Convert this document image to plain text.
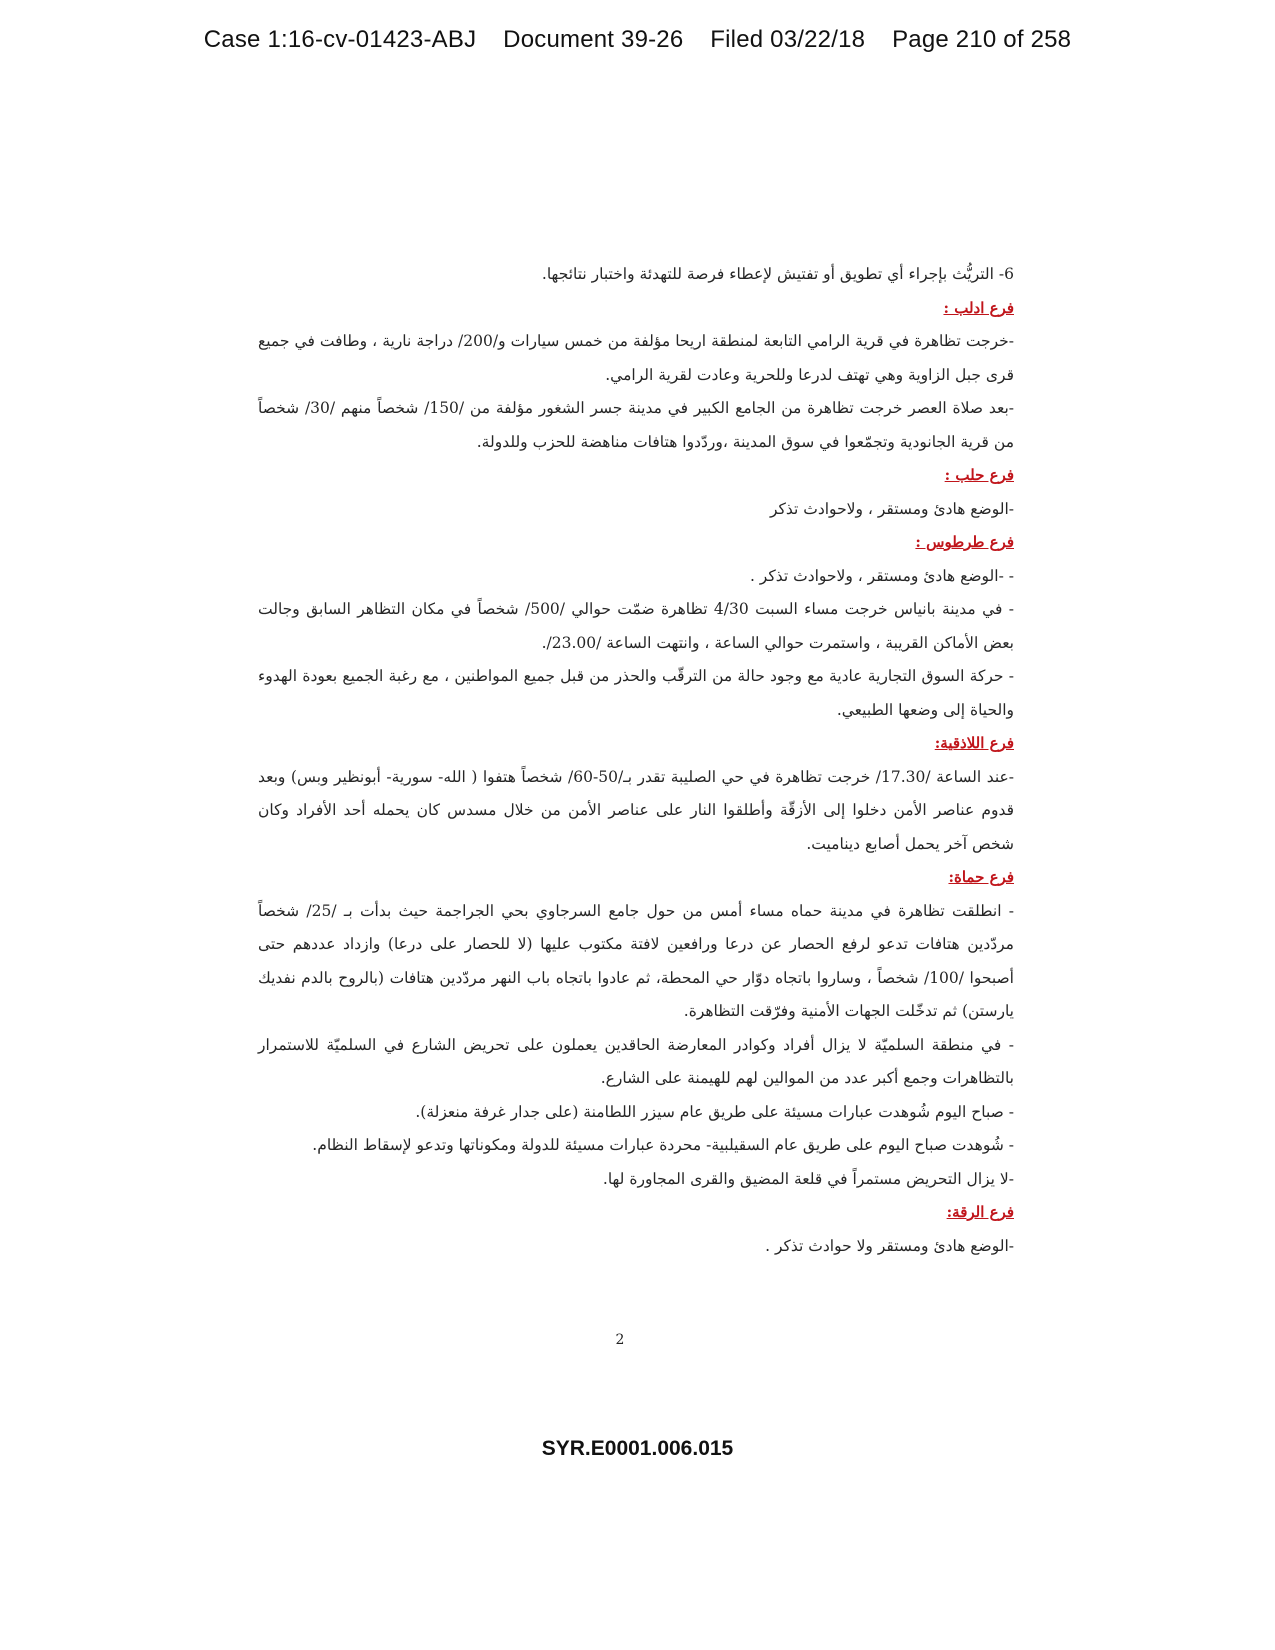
Case 1:16-cv-01423-ABJ Document 39-26 Filed 03/22/18 Page 210 of 258

6- التريُّث بإجراء أي تطويق أو تفتيش لإعطاء فرصة للتهدئة واختبار نتائجها.

فرع ادلب :

-خرجت تظاهرة في قرية الرامي التابعة لمنطقة اريحا مؤلفة من خمس سيارات و/200/ دراجة نارية ، وطافت في جميع قرى جبل الزاوية وهي تهتف لدرعا وللحرية وعادت لقرية الرامي.

-بعد صلاة العصر خرجت تظاهرة من الجامع الكبير في مدينة جسر الشغور مؤلفة من /150/ شخصاً منهم /30/ شخصاً من قرية الجانودية وتجمّعوا في سوق المدينة ،وردّدوا هتافات مناهضة للحزب وللدولة.

فرع حلب :

-الوضع هادئ ومستقر ، ولاحوادث تذكر

فرع طرطوس :

- -الوضع هادئ ومستقر ، ولاحوادث تذكر .

- في مدينة بانياس خرجت مساء السبت 4/30 تظاهرة ضمّت حوالي /500/ شخصاً في مكان التظاهر السابق وجالت بعض الأماكن القريبة ، واستمرت حوالي الساعة ، وانتهت الساعة /23.00/.

- حركة السوق التجارية عادية مع وجود حالة من الترقّب والحذر من قبل جميع المواطنين ، مع رغبة الجميع بعودة الهدوء والحياة إلى وضعها الطبيعي.

فرع اللاذقية:

-عند الساعة /17.30/ خرجت تظاهرة في حي الصليبة تقدر بـ/50-60/ شخصاً هتفوا ( الله- سورية- أبونظير وبس) وبعد قدوم عناصر الأمن دخلوا إلى الأزقّة وأطلقوا النار على عناصر الأمن من خلال مسدس كان يحمله أحد الأفراد وكان شخص آخر يحمل أصابع ديناميت.

فرع حماة:

- انطلقت تظاهرة في مدينة حماه مساء أمس من حول جامع السرجاوي بحي الجراجمة حيث بدأت بـ /25/ شخصاً مردّدين هتافات تدعو لرفع الحصار عن درعا ورافعين لافتة مكتوب عليها (لا للحصار على درعا) وازداد عددهم حتى أصبحوا /100/ شخصاً ، وساروا باتجاه دوّار حي المحطة، ثم عادوا باتجاه باب النهر مردّدين هتافات (بالروح بالدم نفديك يارستن) ثم تدخّلت الجهات الأمنية وفرّقت التظاهرة.

- في منطقة السلميّة لا يزال أفراد وكوادر المعارضة الحاقدين يعملون على تحريض الشارع في السلميّة للاستمرار بالتظاهرات وجمع أكبر عدد من الموالين لهم للهيمنة على الشارع.

- صباح اليوم شُوهدت عبارات مسيئة على طريق عام سيزر اللطامنة (على جدار غرفة منعزلة).

- شُوهدت صباح اليوم على طريق عام السقيلبية- محردة عبارات مسيئة للدولة ومكوناتها وتدعو لإسقاط النظام.

-لا يزال التحريض مستمراً في قلعة المضيق والقرى المجاورة لها.

فرع الرقة:

-الوضع هادئ ومستقر ولا حوادث تذكر .

2
SYR.E0001.006.015
